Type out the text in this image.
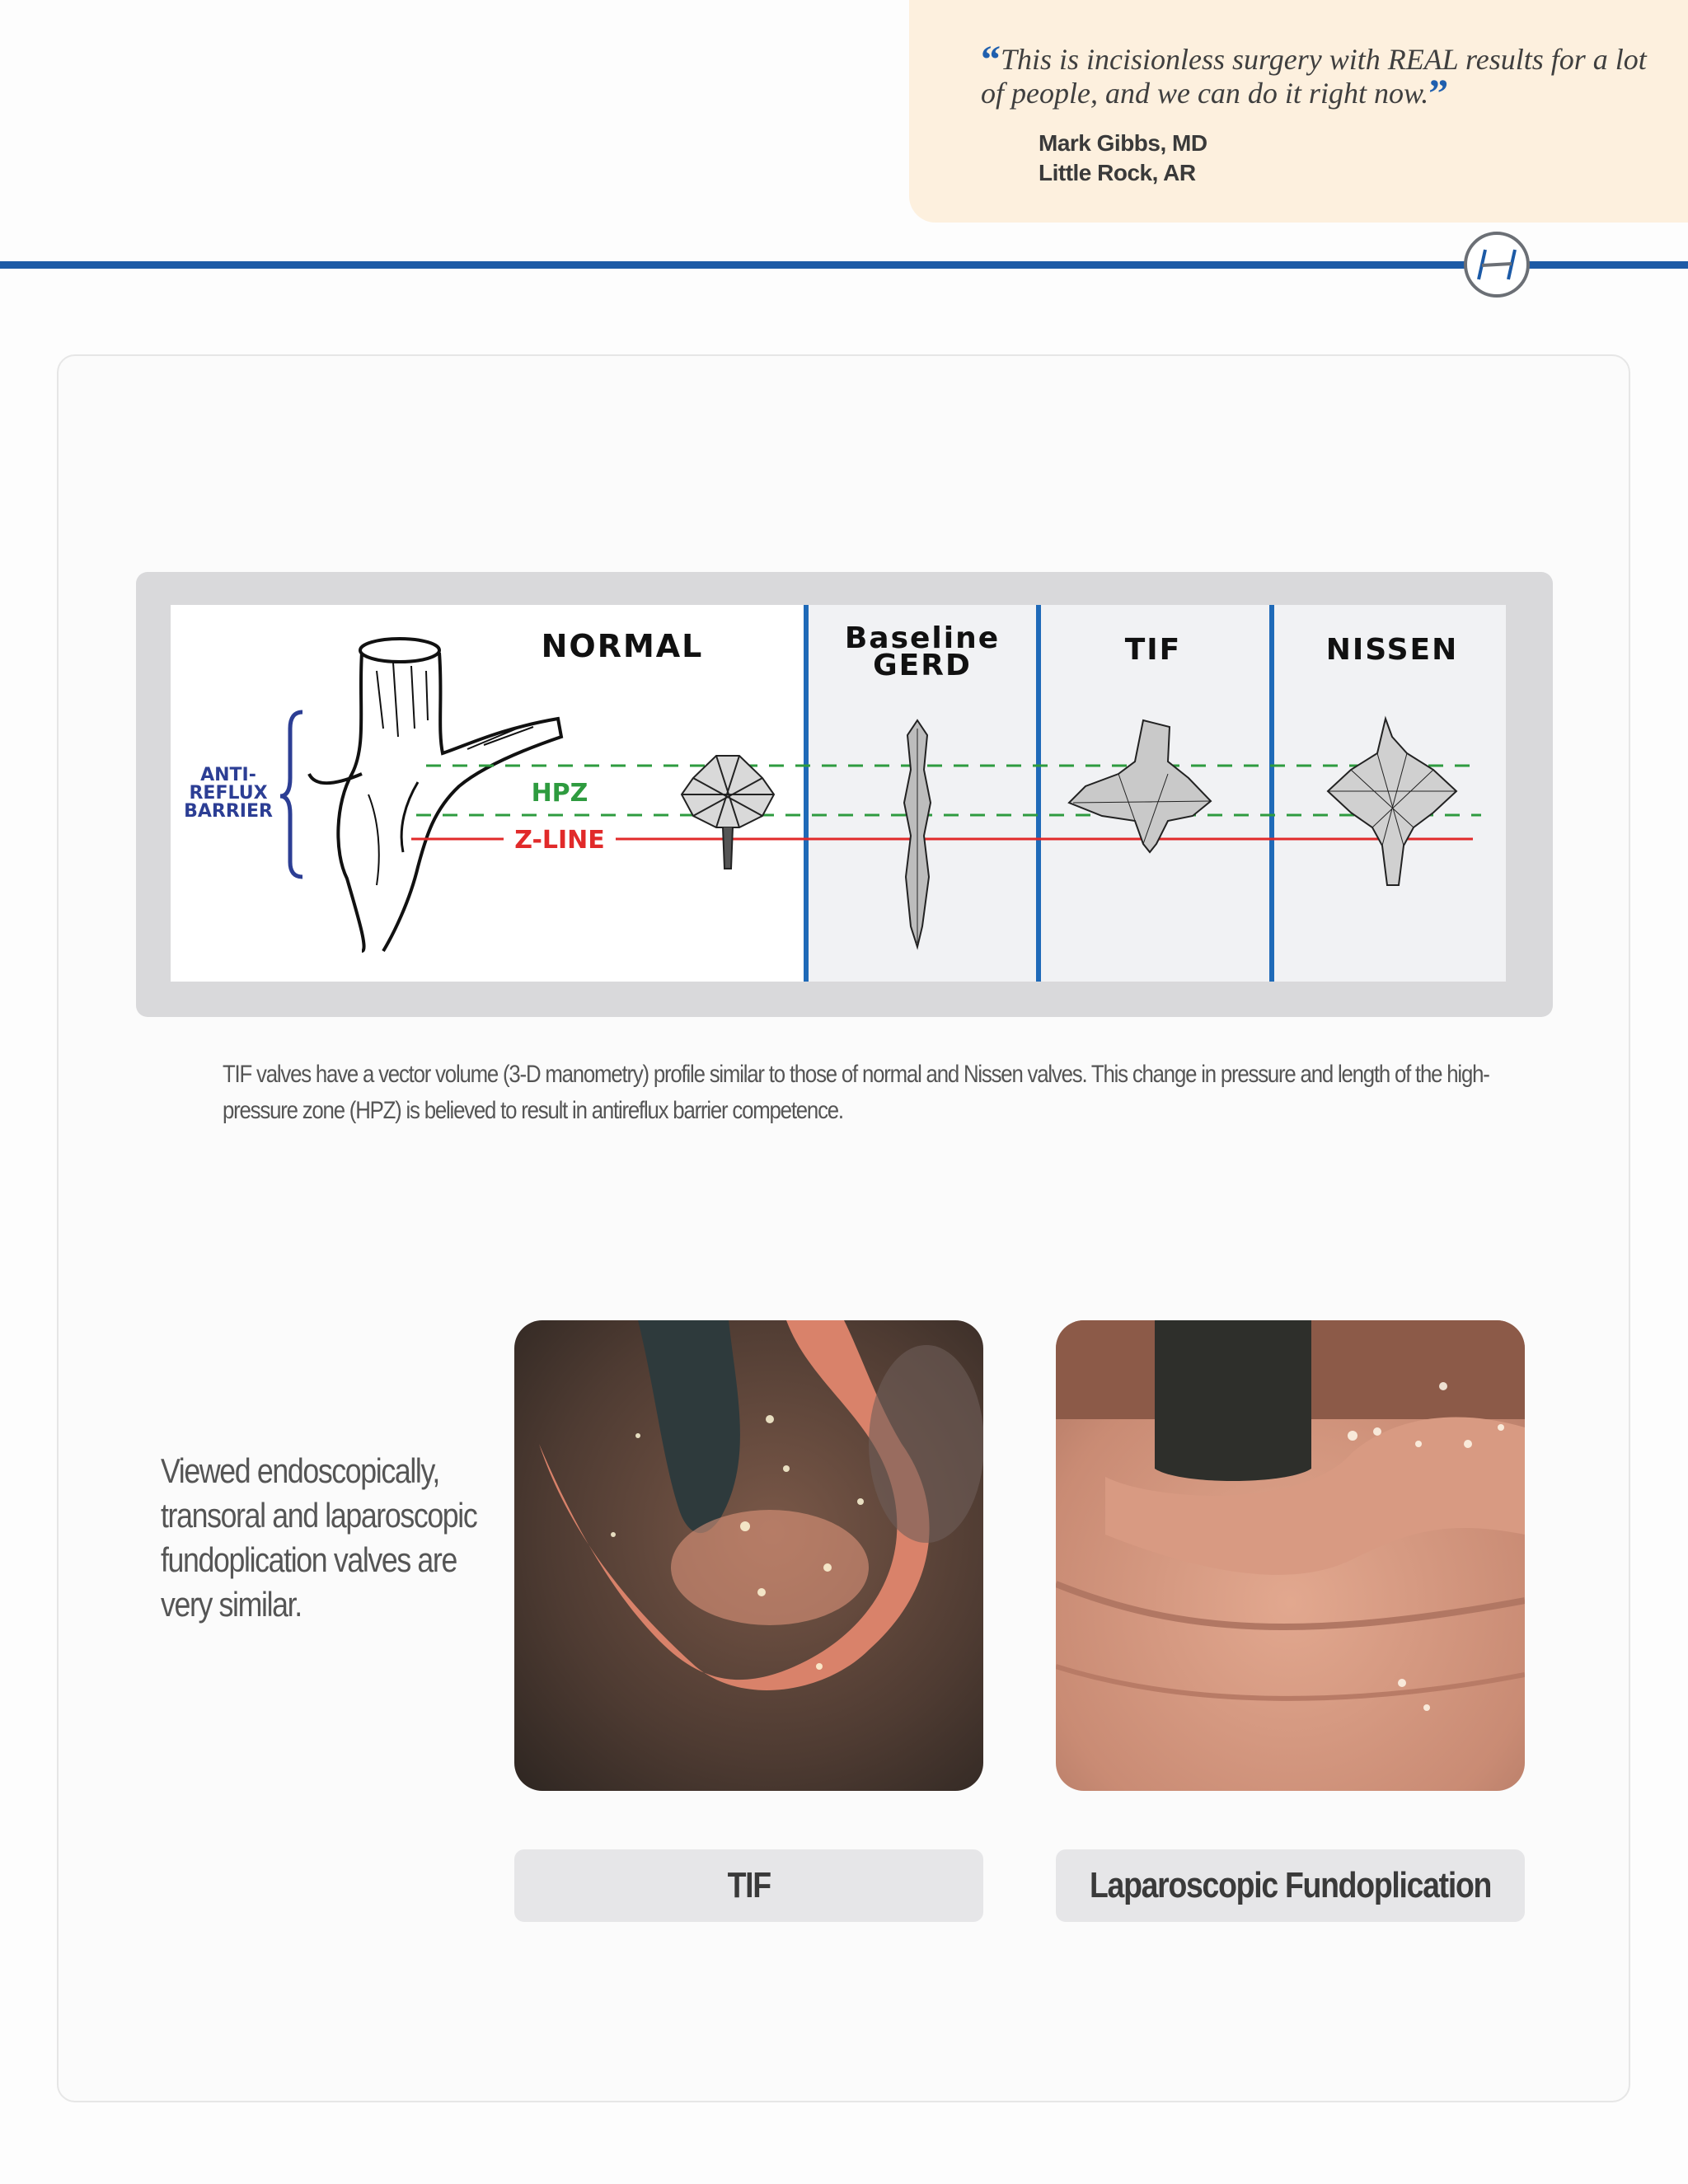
“This is incisionless surgery with REAL results for a lot of people, and we can do it right now.”
Mark Gibbs, MD
Little Rock, AR
NORMAL	Baseline
GERD	TIF	NISSEN
ANTI-
REFLUX
BARRIER
HPZ
Z-LINE
TIF valves have a vector volume (3-D manometry) profile similar to those of normal and Nissen valves. This change in pressure and length of the high-pressure zone (HPZ) is believed to result in antireflux barrier competence.
Viewed endoscopically, transoral and laparoscopic fundoplication valves are very similar.
TIF	Laparoscopic Fundoplication
